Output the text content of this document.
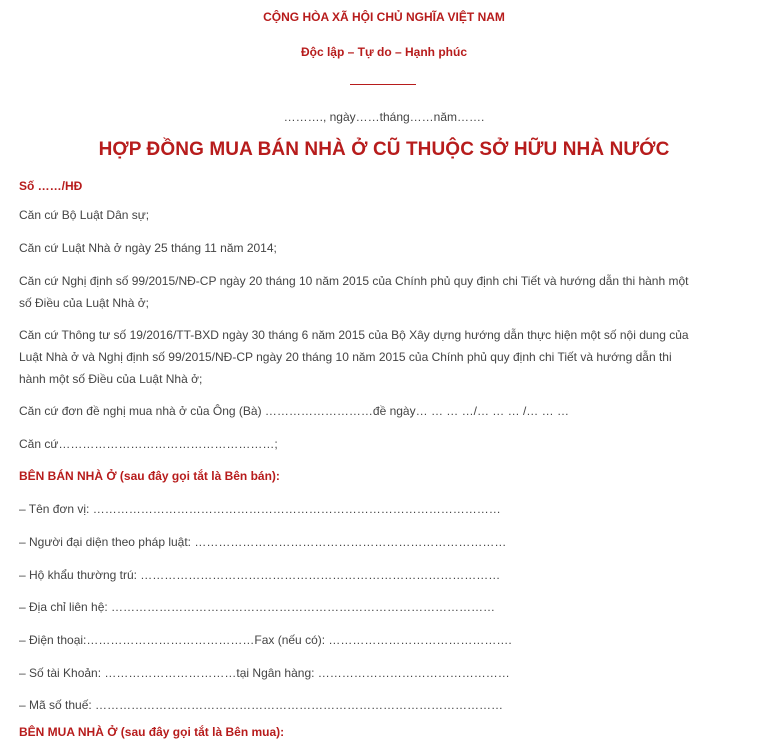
CỘNG HÒA XÃ HỘI CHỦ NGHĨA VIỆT NAM
Độc lập – Tự do – Hạnh phúc
………., ngày……tháng……năm…….
HỢP ĐỒNG MUA BÁN NHÀ Ở CŨ THUỘC SỞ HỮU NHÀ NƯỚC
Số ……/HĐ
Căn cứ Bộ Luật Dân sự;
Căn cứ Luật Nhà ở ngày 25 tháng 11 năm 2014;
Căn cứ Nghị định số 99/2015/NĐ-CP ngày 20 tháng 10 năm 2015 của Chính phủ quy định chi Tiết và hướng dẫn thi hành một
số Điều của Luật Nhà ở;
Căn cứ Thông tư số 19/2016/TT-BXD ngày 30 tháng 6 năm 2015 của Bộ Xây dựng hướng dẫn thực hiện một số nội dung của
Luật Nhà ở và Nghị định số 99/2015/NĐ-CP ngày 20 tháng 10 năm 2015 của Chính phủ quy định chi Tiết và hướng dẫn thi
hành một số Điều của Luật Nhà ở;
Căn cứ đơn đề nghị mua nhà ở của Ông (Bà) ………………………đề ngày… … … …/… … … /… … …
Căn cứ………………………………………………;
BÊN BÁN NHÀ Ở (sau đây gọi tắt là Bên bán):
– Tên đơn vị: …………………………………………………………………………………………
– Người đại diện theo pháp luật: ……………………………………………………………………
– Hộ khẩu thường trú: ………………………………………………………………………………
– Địa chỉ liên hệ: ……………………………………………………………………………………
– Điện thoại:……………………………………Fax (nếu có): ……………………………………….
– Số tài Khoản: ……………………………tại Ngân hàng: …………………………………………
– Mã số thuế: …………………………………………………………………………………………
BÊN MUA NHÀ Ở (sau đây gọi tắt là Bên mua):
